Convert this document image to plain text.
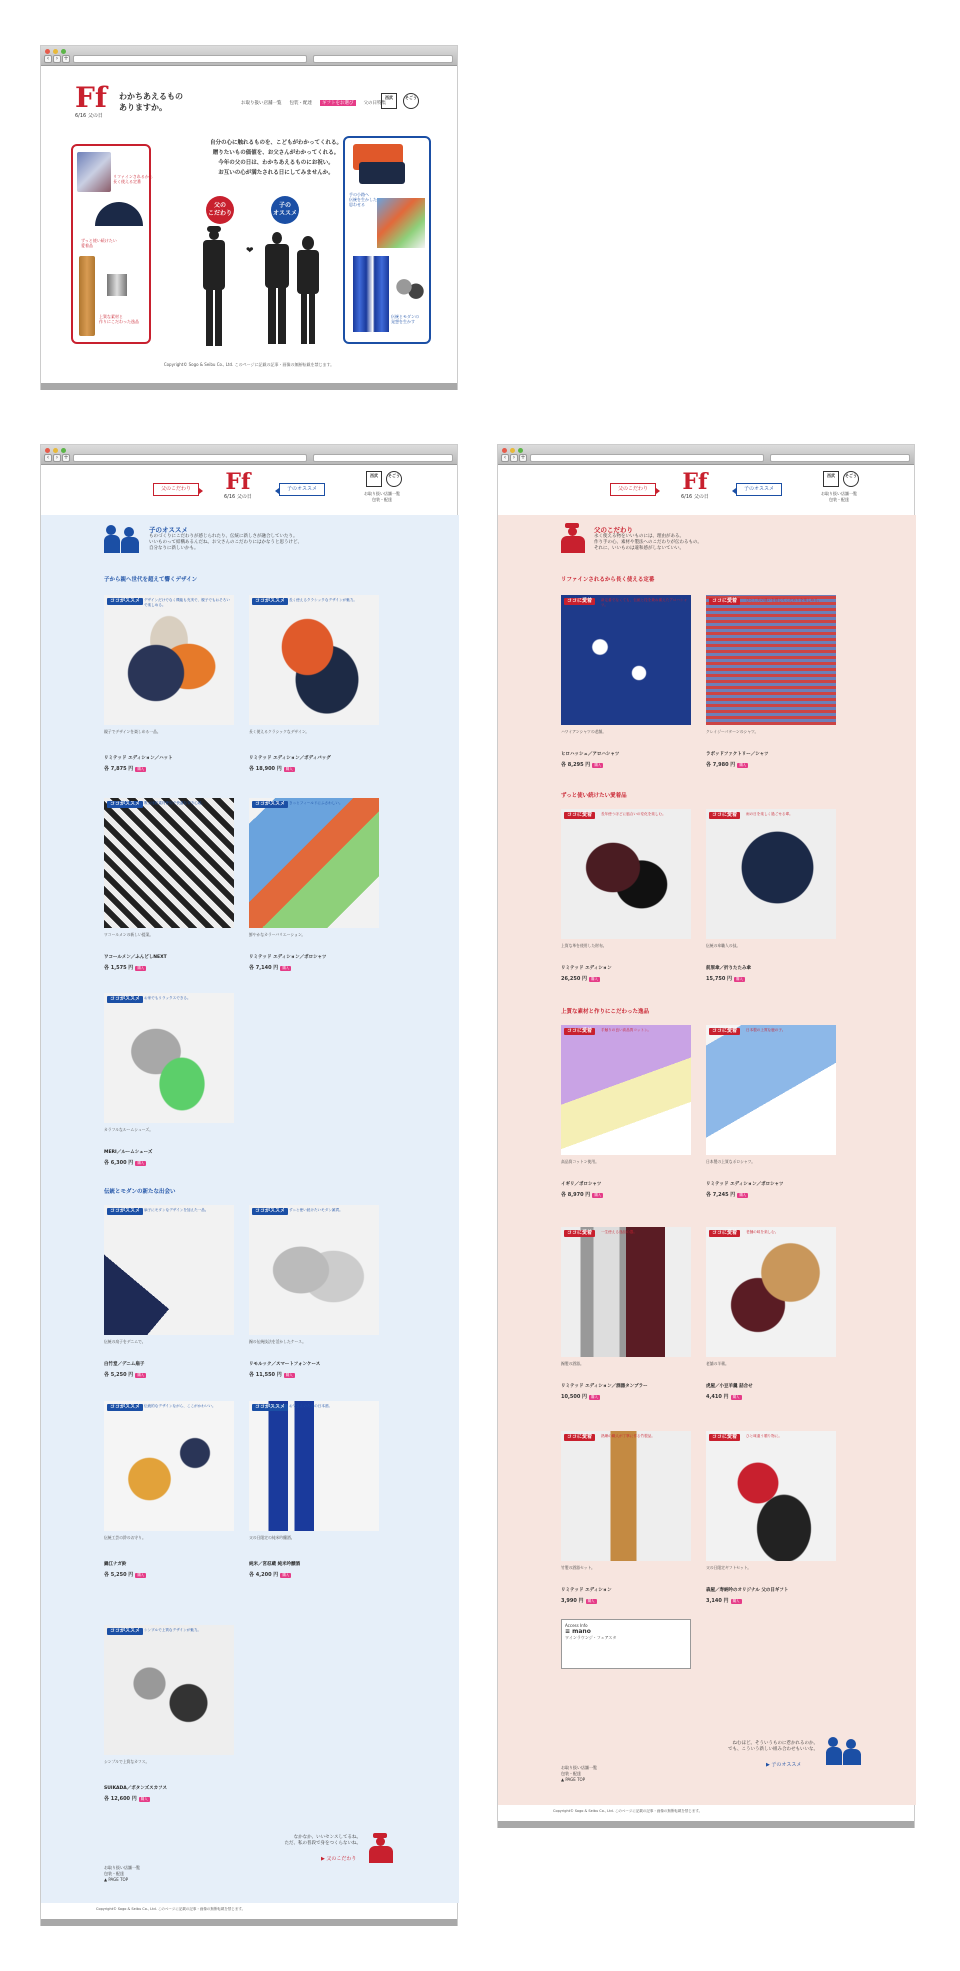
‹	› +
Ff
6/16 父の日
わかちあえるもの
ありますか。	お取り扱い店舗一覧 包装・配達	ギフトをお選び	父の日特集
西武	そごう
自分の心に触れるものを、こどもがわかってくれる。
贈りたいもの価値を、お父さんがわかってくれる。
今年の父の日は、わかちあえるものにお祝い。
お互いの心が満たされる日にしてみませんか。
リファインされるから
長く使える定番
ずっと使い続けたい
愛着品
上質な素材と
作りにこだわった逸品
手の小路へ
伝統を生かした
思わせる
伝統とモダンの
発想を生かす
父の
こだわり
子の
オススメ
❤
Copyright© Sogo & Seibu Co., Ltd. このページに記載の記事・画像の無断転載を禁じます。
‹	› +
父のこだわり	Ff
6/16 父の日
子のオススメ
西武	そごう
お取り扱い店舗一覧
包装・配達
子のオススメ
ものづくりにこだわりが感じられたり、伝統に新しさが融合していたり。
いいものって結構あるんだね。お父さんのこだわりにはかなうと思うけど、
自分なりに新しいかも。
子から親へ世代を超えて響くデザイン
ココがススメ	デザインだけでなく機能も充実で、親子でもおそろいで楽しめる。
親子でデザインを楽しめる一品。
リミテッド エディション／ハット
各 7,875 円 購入
ココがススメ	長く使えるクラシックなデザインが魅力。
長く使えるクラシックなデザイン。
リミテッド エディション／ボディバッグ
各 18,900 円 購入
ココがススメ	吸水速乾素材使用で快適な穿き心地。
ワコールメンの新しい提案。
ワコールメン／ふんどしNEXT
各 1,575 円 購入
ココがススメ	きっとフィールドにふさわしい。
鮮やかなカラーバリエーション。
リミテッド エディション／ポロシャツ
各 7,140 円 購入
ココがススメ	お家でもリラックスできる。
カラフルなルームシューズ。
MERI／ルームシューズ
各 6,300 円 購入
伝統とモダンの新たな出会い
ココがススメ	扇子にモダンなデザインを加えた一品。
伝統の扇子をデニムで。
白竹堂／デニム扇子
各 5,250 円 購入
ココがススメ	ずっと使い続けたいモダン雑貨。
錫の伝統技法を活かしたケース。
リモルック／スマートフォンケース
各 11,550 円 購入
ココがススメ	伝統的なデザインながら、ここがかわいい。
伝統工芸の鈴のお守り。
鍋江ナガ鈴
各 5,250 円 購入
ココがススメ	お父さんのための日本酒。
父の日限定の純米吟醸酒。
純米／宮忍蔵 純米吟醸酒
各 4,200 円 購入
ココがススメ	シンプルで上質なデザインが魅力。
シンプルで上質なカフス。
SUIKADA／ボタンズスカフス
各 12,600 円 購入
なかなか、いいセンスしてるね。
ただ、私の普段で身をつくらないね。
▶ 父のこだわり
お取り扱い店舗一覧
包装・配達
▲ PAGE TOP
Copyright© Sogo & Seibu Co., Ltd. このページに記載の記事・画像の無断転載を禁じます。
‹	› +
父のこだわり	Ff
6/16 父の日
子のオススメ
西武	そごう
お取り扱い店舗一覧
包装・配達
父のこだわり
永く使える物をいいものには、理由がある。
作り手の心、素材や製法へのこだわりが伝わるもの。
それに、いいものは違和感がしないていい。
リファインされるから長く使える定番
ココに愛着	新定番でなくても、伝統と技を兼ね備えたアロハシャツ。
ハワイアンシャツの老舗。
ヒロハッシュ／アロハシャツ
各 8,295 円 購入
ココに愛着	ひと工夫の違いを感じてこだわりを楽しめる。
クレイジーパターンのシャツ。
ラボッドファクトリー／シャツ
各 7,980 円 購入
ずっと使い続けたい愛着品
ココに愛着	長年使うほどに風合いの変化を楽しむ。
上質な革を使用した財布。
リミテッド エディション
26,250 円 購入
ココに愛着	雨の日を楽しく過ごせる傘。
伝統の傘職人の技。
前原傘／折りたたみ傘
15,750 円 購入
上質な素材と作りにこだわった逸品
ココに愛着	手触りの良い高品質コットン。
高品質コットン使用。
イギリ／ポロシャツ
各 8,970 円 購入
ココに愛着	日本製の上質な鹿の子。
日本製の上質なポロシャツ。
リミテッド エディション／ポロシャツ
各 7,245 円 購入
ココに愛着	一生使える逸品の器。
錫製の酒器。
リミテッド エディション／酒器タンブラー
10,500 円 購入
ココに愛着	老舗の味を楽しむ。
老舗の羊羹。
虎屋／小豆羊羹 詰合せ
4,410 円 購入
ココに愛着	熟練の職人が丁寧に作る竹製品。
竹製の酒器セット。
リミテッド エディション
3,990 円 購入
ココに愛着	ひと味違う贈り物に。
父の日限定ギフトセット。
森屋／寿納吟のオリジナル 父の日ギフト
3,140 円 購入
Access Info
≡ mano
ワインラウンジ・フェアスタ
ねむほど。そういうものに惹かれるのか。
でも、こういう新しい組み合わせもいいな。
▶ 子のオススメ
お取り扱い店舗一覧
包装・配達
▲ PAGE TOP
Copyright© Sogo & Seibu Co., Ltd. このページに記載の記事・画像の無断転載を禁じます。
